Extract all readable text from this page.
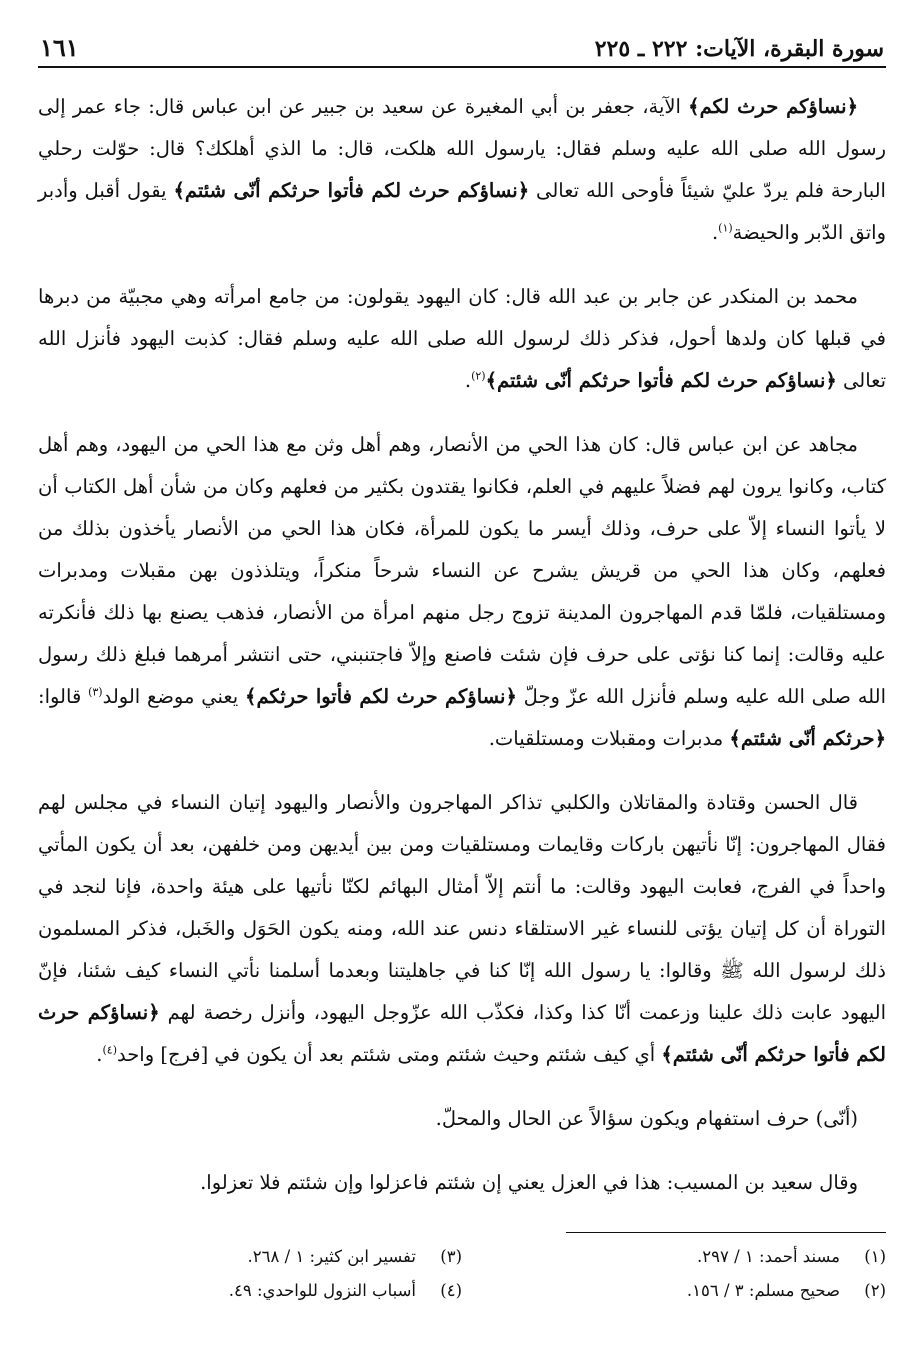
سورة البقرة، الآيات: ٢٢٢ ـ ٢٢٥
١٦١

﴿نساؤكم حرث لكم﴾ الآية، جعفر بن أبي المغيرة عن سعيد بن جبير عن ابن عباس قال: جاء عمر إلى رسول الله صلى الله عليه وسلم فقال: يارسول الله هلكت، قال: ما الذي أهلكك؟ قال: حوّلت رحلي البارحة فلم يردّ عليّ شيئاً فأوحى الله تعالى ﴿نساؤكم حرث لكم فأتوا حرثكم أنّى شئتم﴾ يقول أقبل وأدبر واتق الدّبر والحيضة$^{(١)}$.

محمد بن المنكدر عن جابر بن عبد الله قال: كان اليهود يقولون: من جامع امرأته وهي مجبيّة من دبرها في قبلها كان ولدها أحول، فذكر ذلك لرسول الله صلى الله عليه وسلم فقال: كذبت اليهود فأنزل الله تعالى ﴿نساؤكم حرث لكم فأتوا حرثكم أنّى شئتم﴾$^{(٢)}$.

مجاهد عن ابن عباس قال: كان هذا الحي من الأنصار، وهم أهل وثن مع هذا الحي من اليهود، وهم أهل كتاب، وكانوا يرون لهم فضلاً عليهم في العلم، فكانوا يقتدون بكثير من فعلهم وكان من شأن أهل الكتاب أن لا يأتوا النساء إلاّ على حرف، وذلك أيسر ما يكون للمرأة، فكان هذا الحي من الأنصار يأخذون بذلك من فعلهم، وكان هذا الحي من قريش يشرح عن النساء شرحاً منكراً، ويتلذذون بهن مقبلات ومدبرات ومستلقيات، فلمّا قدم المهاجرون المدينة تزوج رجل منهم امرأة من الأنصار، فذهب يصنع بها ذلك فأنكرته عليه وقالت: إنما كنا نؤتى على حرف فإن شئت فاصنع وإلاّ فاجتنبني، حتى انتشر أمرهما فبلغ ذلك رسول الله صلى الله عليه وسلم فأنزل الله عزّ وجلّ ﴿نساؤكم حرث لكم فأتوا حرثكم﴾ يعني موضع الولد$^{(٣)}$ قالوا: ﴿حرثكم أنّى شئتم﴾ مدبرات ومقبلات ومستلقيات.

قال الحسن وقتادة والمقاتلان والكلبي تذاكر المهاجرون والأنصار واليهود إتيان النساء في مجلس لهم فقال المهاجرون: إنّا نأتيهن باركات وقايمات ومستلقيات ومن بين أيديهن ومن خلفهن، بعد أن يكون المأتي واحداً في الفرج، فعابت اليهود وقالت: ما أنتم إلاّ أمثال البهائم لكنّا نأتيها على هيئة واحدة، فإنا لنجد في التوراة أن كل إتيان يؤتى للنساء غير الاستلقاء دنس عند الله، ومنه يكون الحَوَل والخَبل، فذكر المسلمون ذلك لرسول الله ﷺ وقالوا: يا رسول الله إنّا كنا في جاهليتنا وبعدما أسلمنا نأتي النساء كيف شئنا، فإنّ اليهود عابت ذلك علينا وزعمت أنّا كذا وكذا، فكذّب الله عزّوجل اليهود، وأنزل رخصة لهم ﴿نساؤكم حرث لكم فأتوا حرثكم أنّى شئتم﴾ أي كيف شئتم وحيث شئتم ومتى شئتم بعد أن يكون في [فرج] واحد$^{(٤)}$.

(أنّى) حرف استفهام ويكون سؤالاً عن الحال والمحلّ.

وقال سعيد بن المسيب: هذا في العزل يعني إن شئتم فاعزلوا وإن شئتم فلا تعزلوا.

(١)
مسند أحمد: ١ / ٢٩٧.
(٣)
تفسير ابن كثير: ١ / ٢٦٨.
(٢)
صحيح مسلم: ٣ / ١٥٦.
(٤)
أسباب النزول للواحدي: ٤٩.
